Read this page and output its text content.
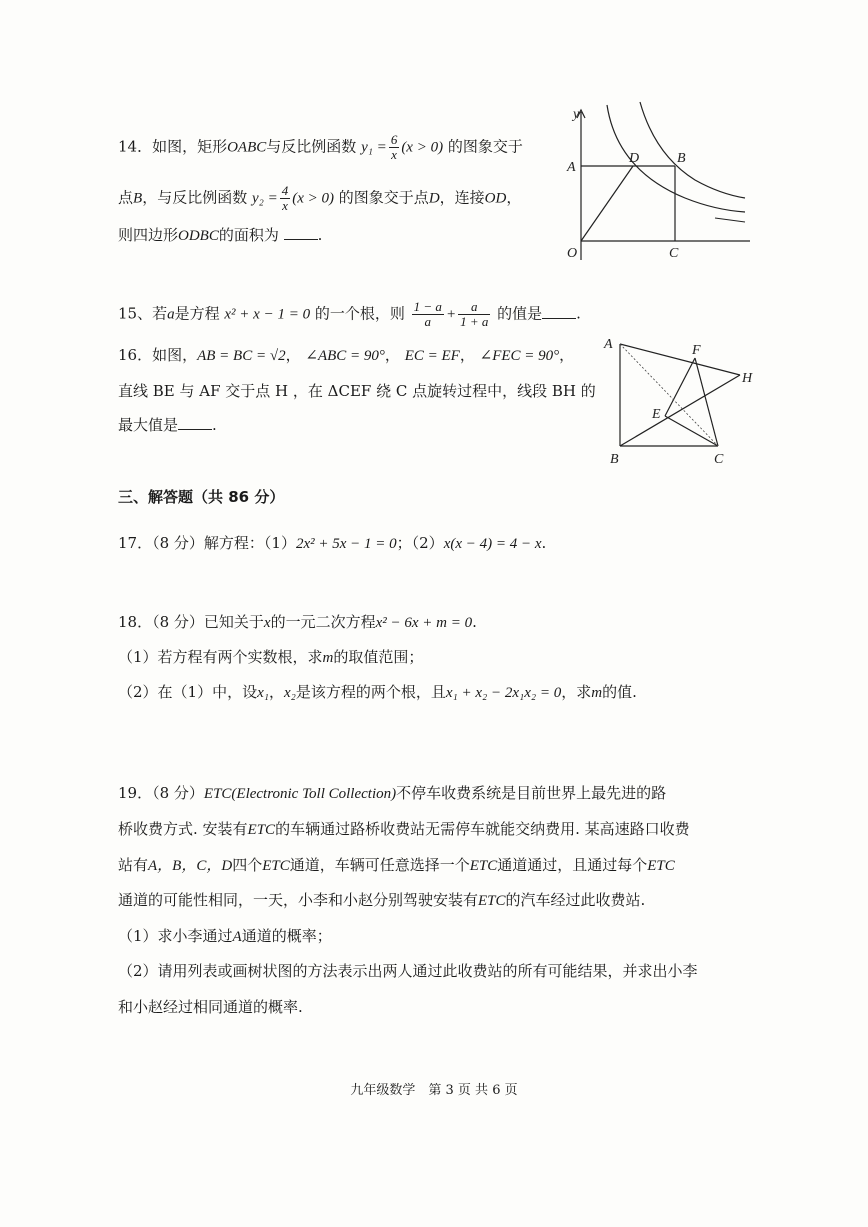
14．如图，矩形OABC与反比例函数 $y_1 = \frac{6}{x} (x > 0)$ 的图象交于
点B，与反比例函数 $y_2 = \frac{4}{x} (x > 0)$ 的图象交于点D，连接OD，
则四边形ODBC的面积为	.
y
A
D	B
O	C
15、若a是方程 x² + x − 1 = 0 的一个根，则 $\frac{1 - a}{a} + \frac{a}{1 + a}$ 的值是 .
16．如图，AB = BC = √2， ∠ABC = 90°， EC = EF， ∠FEC = 90°，
直线 BE 与 AF 交于点 H ，在 ΔCEF 绕 C 点旋转过程中，线段 BH 的
最大值是 .
A	F
H
E
B	C
三、解答题（共 86 分）
17．（8 分）解方程：（1）2x² + 5x − 1 = 0；（2）x(x − 4) = 4 − x.
18．（8 分）已知关于x的一元二次方程x² − 6x + m = 0.
（1）若方程有两个实数根，求m的取值范围；
（2）在（1）中，设x₁，x₂是该方程的两个根，且x₁ + x₂ − 2x₁x₂ = 0，求m的值.
19．（8 分）ETC(Electronic Toll Collection)不停车收费系统是目前世界上最先进的路
桥收费方式. 安装有ETC的车辆通过路桥收费站无需停车就能交纳费用. 某高速路口收费
站有A，B，C，D四个ETC通道，车辆可任意选择一个ETC通道通过，且通过每个ETC
通道的可能性相同，一天，小李和小赵分别驾驶安装有ETC的汽车经过此收费站.
（1）求小李通过A通道的概率；
（2）请用列表或画树状图的方法表示出两人通过此收费站的所有可能结果，并求出小李
和小赵经过相同通道的概率.
九年级数学　第 3 页 共 6 页
